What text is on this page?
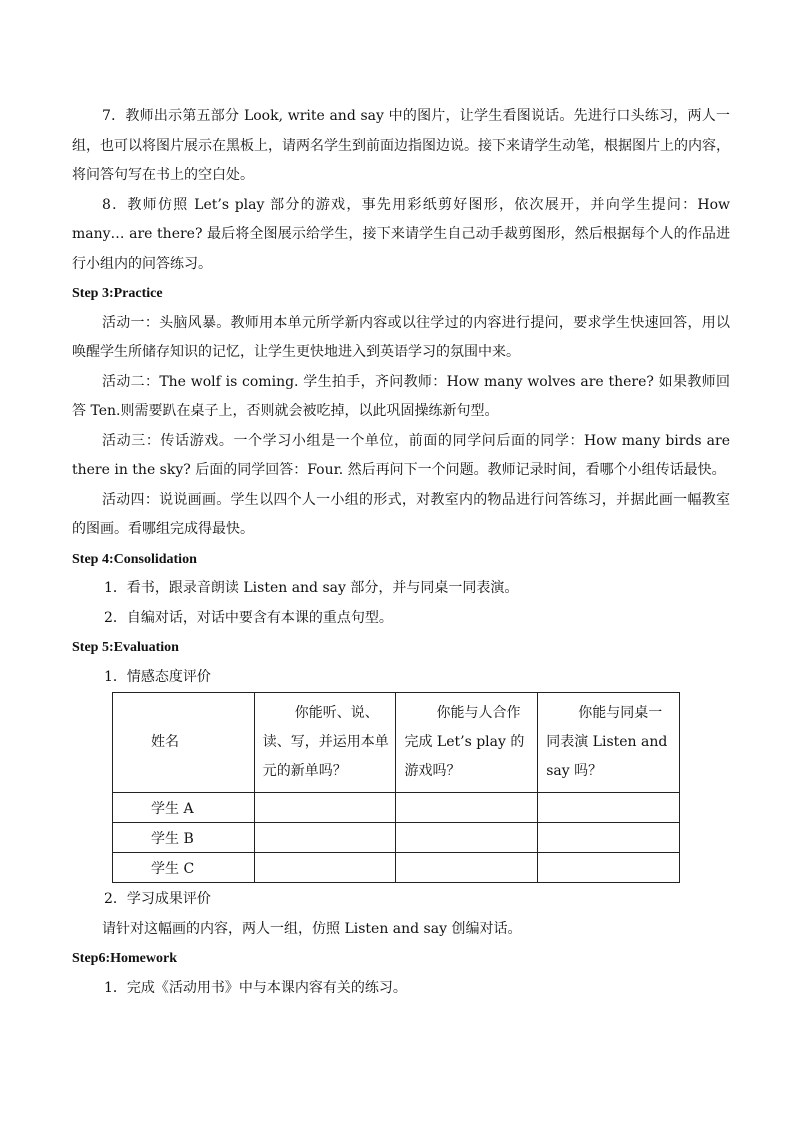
7．教师出示第五部分 Look, write and say 中的图片，让学生看图说话。先进行口头练习，两人一组，也可以将图片展示在黑板上，请两名学生到前面边指图边说。接下来请学生动笔，根据图片上的内容，将问答句写在书上的空白处。

8．教师仿照 Let’s play 部分的游戏，事先用彩纸剪好图形，依次展开，并向学生提问：How many… are there? 最后将全图展示给学生，接下来请学生自己动手裁剪图形，然后根据每个人的作品进行小组内的问答练习。

Step 3:Practice

活动一：头脑风暴。教师用本单元所学新内容或以往学过的内容进行提问，要求学生快速回答，用以唤醒学生所储存知识的记忆，让学生更快地进入到英语学习的氛围中来。

活动二：The wolf is coming. 学生拍手，齐问教师：How many wolves are there? 如果教师回答 Ten.则需要趴在桌子上，否则就会被吃掉，以此巩固操练新句型。

活动三：传话游戏。一个学习小组是一个单位，前面的同学问后面的同学：How many birds are there in the sky? 后面的同学回答：Four. 然后再问下一个问题。教师记录时间，看哪个小组传话最快。

活动四：说说画画。学生以四个人一小组的形式，对教室内的物品进行问答练习，并据此画一幅教室的图画。看哪组完成得最快。

Step 4:Consolidation

1．看书，跟录音朗读 Listen and say 部分，并与同桌一同表演。

2．自编对话，对话中要含有本课的重点句型。

Step 5:Evaluation

1．情感态度评价

姓名	你能听、说、读、写，并运用本单元的新单吗？	你能与人合作完成 Let’s play 的游戏吗？	你能与同桌一同表演 Listen and say 吗？

学生 A			
学生 B			
学生 C			

2．学习成果评价

请针对这幅画的内容，两人一组，仿照 Listen and say 创编对话。

Step6:Homework

1．完成《活动用书》中与本课内容有关的练习。
